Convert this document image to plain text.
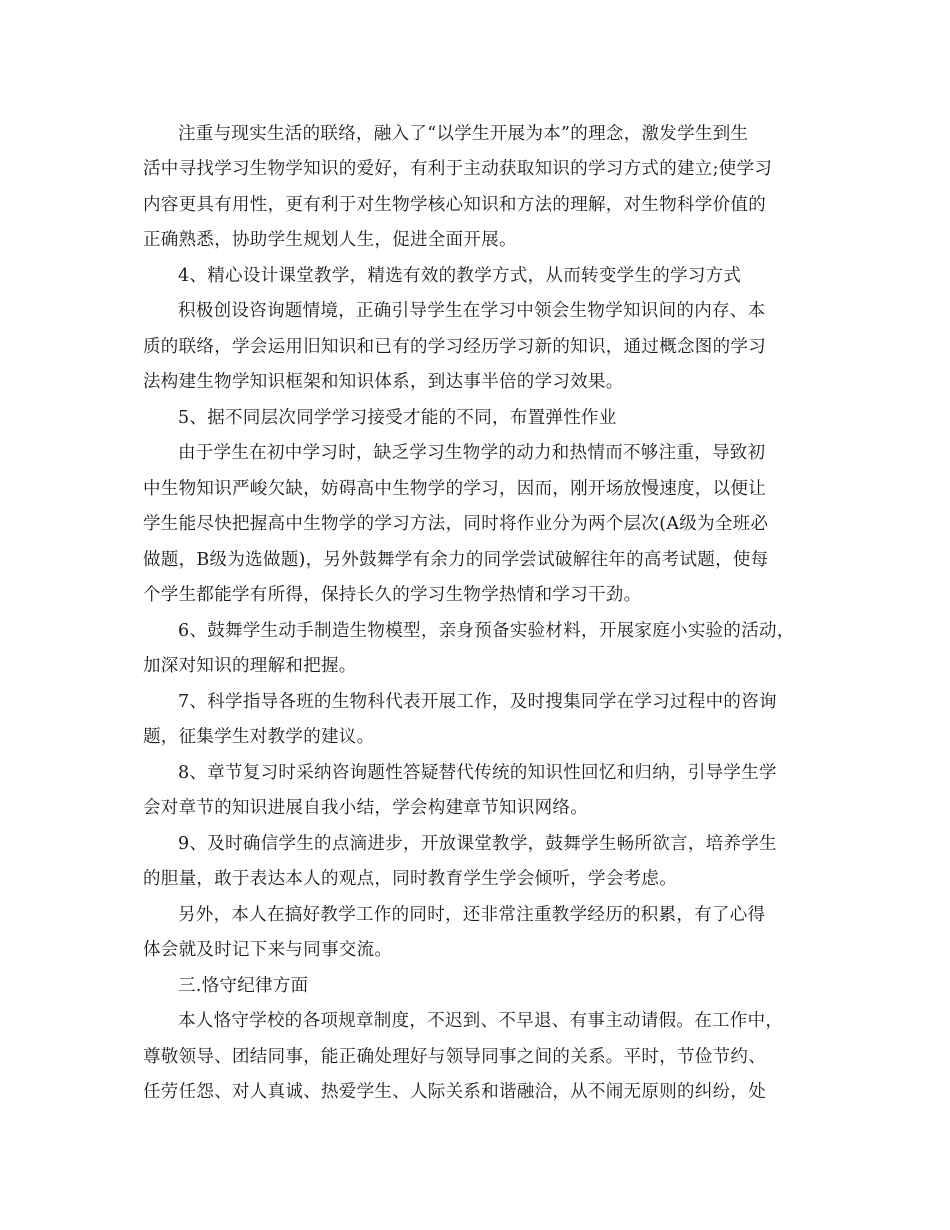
注重与现实生活的联络，融入了“以学生开展为本”的理念，激发学生到生
活中寻找学习生物学知识的爱好，有利于主动获取知识的学习方式的建立;使学习
内容更具有用性，更有利于对生物学核心知识和方法的理解，对生物科学价值的
正确熟悉，协助学生规划人生，促进全面开展。
4、精心设计课堂教学，精选有效的教学方式，从而转变学生的学习方式
积极创设咨询题情境，正确引导学生在学习中领会生物学知识间的内存、本
质的联络，学会运用旧知识和已有的学习经历学习新的知识，通过概念图的学习
法构建生物学知识框架和知识体系，到达事半倍的学习效果。
5、据不同层次同学学习接受才能的不同，布置弹性作业
由于学生在初中学习时，缺乏学习生物学的动力和热情而不够注重，导致初
中生物知识严峻欠缺，妨碍高中生物学的学习，因而，刚开场放慢速度，以便让
学生能尽快把握高中生物学的学习方法，同时将作业分为两个层次(A级为全班必
做题，B级为选做题)，另外鼓舞学有余力的同学尝试破解往年的高考试题，使每
个学生都能学有所得，保持长久的学习生物学热情和学习干劲。
6、鼓舞学生动手制造生物模型，亲身预备实验材料，开展家庭小实验的活动，
加深对知识的理解和把握。
7、科学指导各班的生物科代表开展工作，及时搜集同学在学习过程中的咨询
题，征集学生对教学的建议。
8、章节复习时采纳咨询题性答疑替代传统的知识性回忆和归纳，引导学生学
会对章节的知识进展自我小结，学会构建章节知识网络。
9、及时确信学生的点滴进步，开放课堂教学，鼓舞学生畅所欲言，培养学生
的胆量，敢于表达本人的观点，同时教育学生学会倾听，学会考虑。
另外，本人在搞好教学工作的同时，还非常注重教学经历的积累，有了心得
体会就及时记下来与同事交流。
三.恪守纪律方面
本人恪守学校的各项规章制度，不迟到、不早退、有事主动请假。在工作中，
尊敬领导、团结同事，能正确处理好与领导同事之间的关系。平时，节俭节约、
任劳任怨、对人真诚、热爱学生、人际关系和谐融洽，从不闹无原则的纠纷，处
